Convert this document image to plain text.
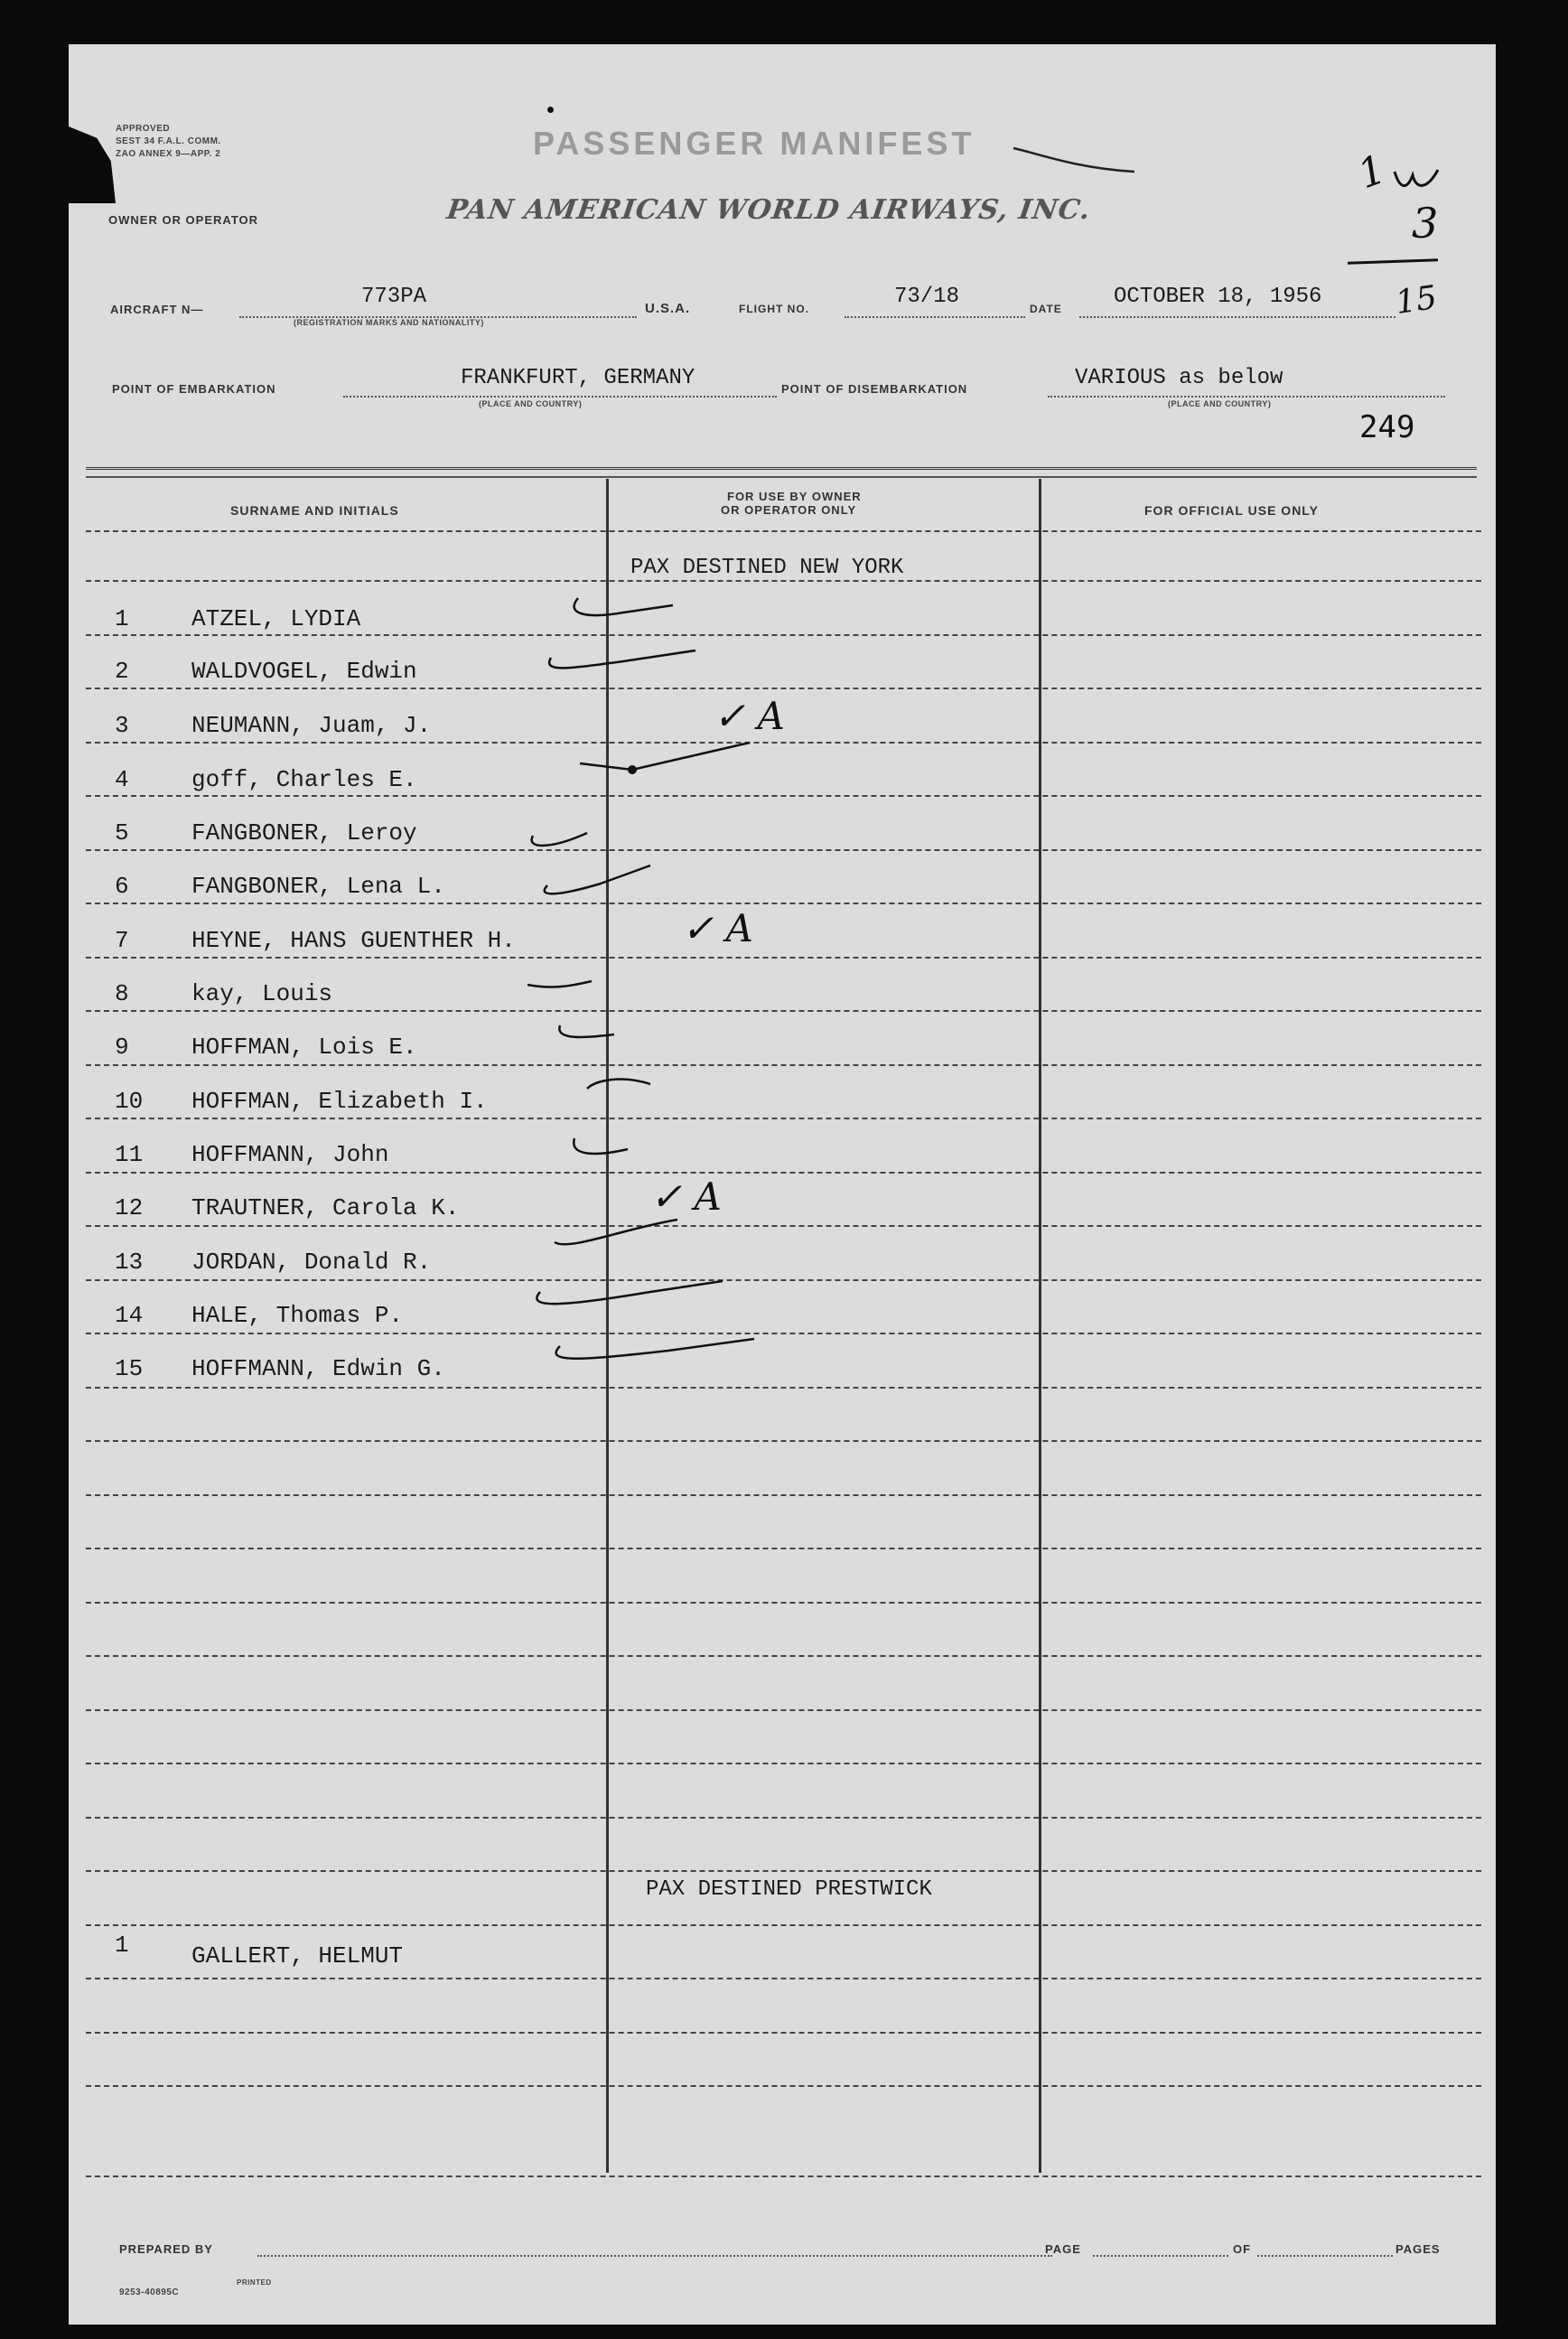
APPROVED
SEST 34 F.A.L. COMM.
ZAO ANNEX 9—APP. 2	PASSENGER MANIFEST
1
3
OWNER OR OPERATOR	PAN AMERICAN WORLD AIRWAYS, INC.
AIRCRAFT N—
773PA
(REGISTRATION MARKS AND NATIONALITY)
U.S.A.	FLIGHT NO.	73/18	DATE OCTOBER 18, 1956 15
POINT OF EMBARKATION	FRANKFURT, GERMANY
(PLACE AND COUNTRY)
POINT OF DISEMBARKATION	VARIOUS as below
(PLACE AND COUNTRY)
249
SURNAME AND INITIALS
FOR USE BY OWNER
OR OPERATOR ONLY	FOR OFFICIAL USE ONLY
PAX DESTINED NEW YORK
1	ATZEL, LYDIA
2	WALDVOGEL, Edwin
3	NEUMANN, Juam, J.
4	goff, Charles E.
5	FANGBONER, Leroy
6	FANGBONER, Lena L.
7	HEYNE, HANS GUENTHER H.
8	kay, Louis
9	HOFFMAN, Lois E.
10 HOFFMAN, Elizabeth I.
11 HOFFMANN, John
12 TRAUTNER, Carola K.
13 JORDAN, Donald R.
14 HALE, Thomas P.
15 HOFFMANN, Edwin G.
✓ A
✓ A
✓ A
PAX DESTINED PRESTWICK
1	GALLERT, HELMUT
PREPARED BY	PAGE	OF	PAGES
9253-40895C
PRINTED
